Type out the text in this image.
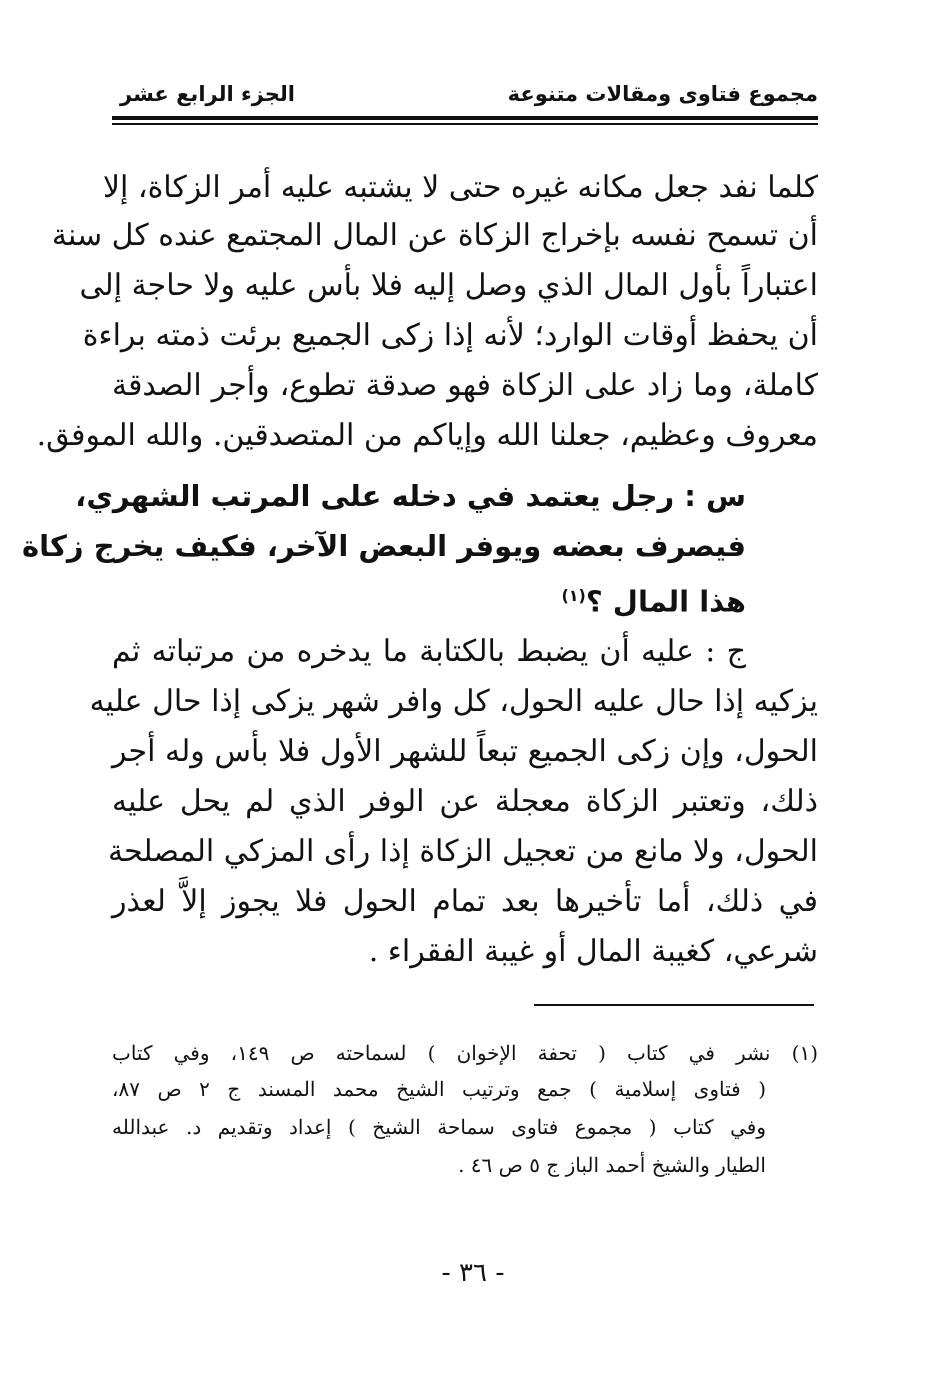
مجموع فتاوى ومقالات متنوعة
الجزء الرابع عشر
كلما نفد جعل مكانه غيره حتى لا يشتبه عليه أمر الزكاة، إلا
أن تسمح نفسه بإخراج الزكاة عن المال المجتمع عنده كل سنة
اعتباراً بأول المال الذي وصل إليه فلا بأس عليه ولا حاجة إلى
أن يحفظ أوقات الوارد؛ لأنه إذا زكى الجميع برئت ذمته براءة
كاملة، وما زاد على الزكاة فهو صدقة تطوع، وأجر الصدقة
معروف وعظيم، جعلنا الله وإياكم من المتصدقين. والله الموفق.
س : رجل يعتمد في دخله على المرتب الشهري،
فيصرف بعضه ويوفر البعض الآخر، فكيف يخرج زكاة
هذا المال ؟$^{(١)}$
ج : عليه أن يضبط بالكتابة ما يدخره من مرتباته ثم
يزكيه إذا حال عليه الحول، كل وافر شهر يزكى إذا حال عليه
الحول، وإن زكى الجميع تبعاً للشهر الأول فلا بأس وله أجر
ذلك، وتعتبر الزكاة معجلة عن الوفر الذي لم يحل عليه
الحول، ولا مانع من تعجيل الزكاة إذا رأى المزكي المصلحة
في ذلك، أما تأخيرها بعد تمام الحول فلا يجوز إلاَّ لعذر
شرعي، كغيبة المال أو غيبة الفقراء .
(١) نشر في كتاب ( تحفة الإخوان ) لسماحته ص ١٤٩، وفي كتاب
( فتاوى إسلامية ) جمع وترتيب الشيخ محمد المسند ج ٢ ص ٨٧،
وفي كتاب ( مجموع فتاوى سماحة الشيخ ) إعداد وتقديم د. عبدالله
الطيار والشيخ أحمد الباز ج ٥ ص ٤٦ .
- ٣٦ -
